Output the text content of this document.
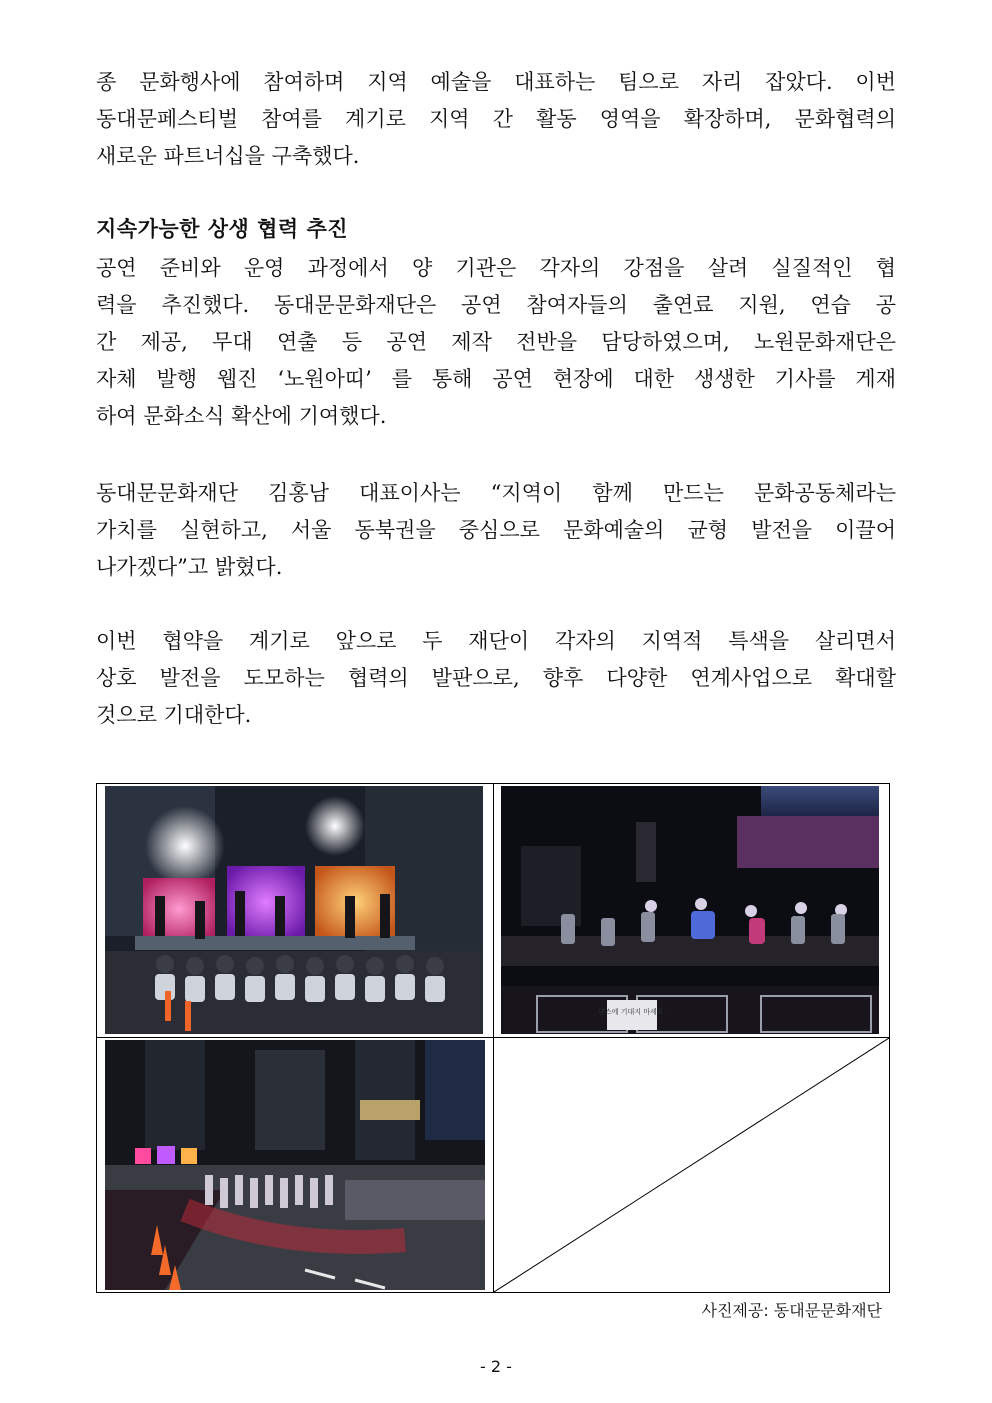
종 문화행사에 참여하며 지역 예술을 대표하는 팀으로 자리 잡았다. 이번
동대문페스티벌 참여를 계기로 지역 간 활동 영역을 확장하며, 문화협력의
새로운 파트너십을 구축했다.
지속가능한 상생 협력 추진
공연 준비와 운영 과정에서 양 기관은 각자의 강점을 살려 실질적인 협
력을 추진했다. 동대문문화재단은 공연 참여자들의 출연료 지원, 연습 공
간 제공, 무대 연출 등 공연 제작 전반을 담당하였으며, 노원문화재단은
자체 발행 웹진 ‘노원아띠’ 를 통해 공연 현장에 대한 생생한 기사를 게재
하여 문화소식 확산에 기여했다.
동대문문화재단 김홍남 대표이사는 “지역이 함께 만드는 문화공동체라는
가치를 실현하고, 서울 동북권을 중심으로 문화예술의 균형 발전을 이끌어
나가겠다”고 밝혔다.
이번 협약을 계기로 앞으로 두 재단이 각자의 지역적 특색을 살리면서
상호 발전을 도모하는 협력의 발판으로, 향후 다양한 연계사업으로 확대할
것으로 기대한다.
댄스에 기대지 마세요.

사진제공: 동대문문화재단

- 2 -
